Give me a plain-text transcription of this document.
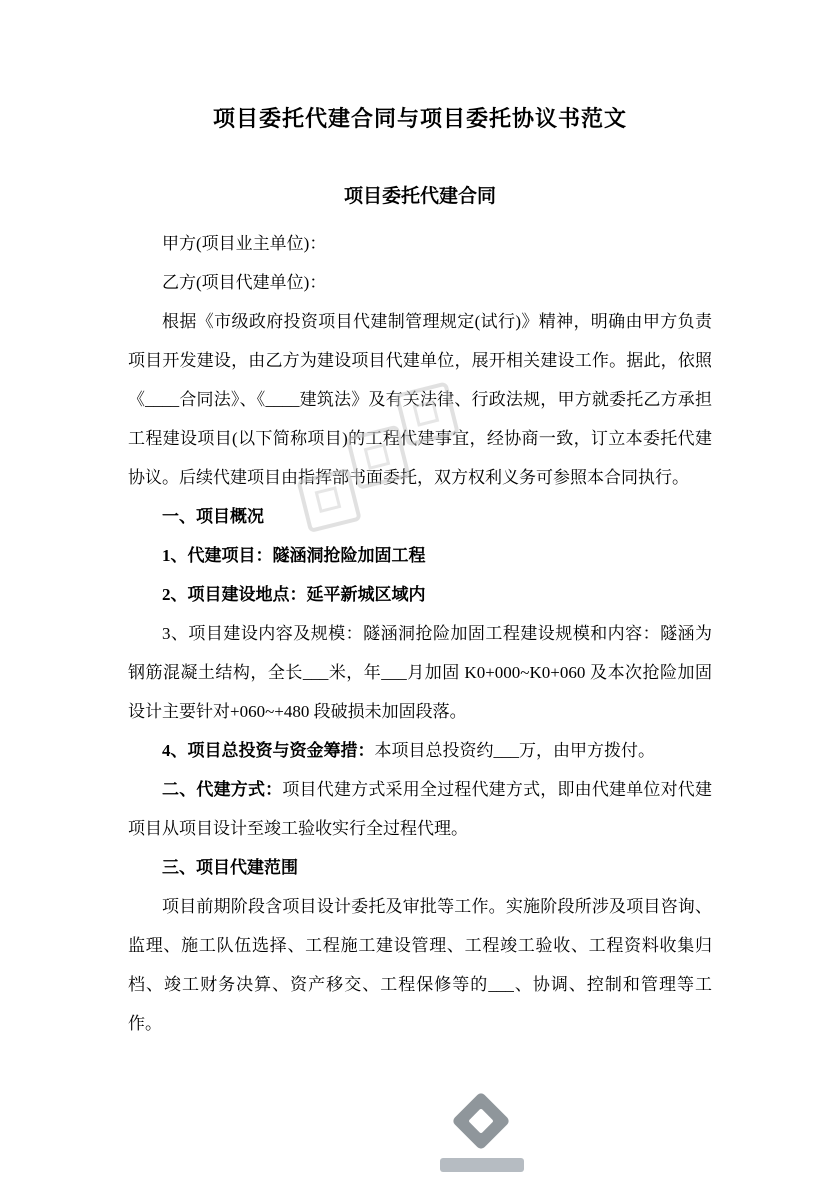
项目委托代建合同与项目委托协议书范文
项目委托代建合同

甲方(项目业主单位)：

乙方(项目代建单位)：

根据《市级政府投资项目代建制管理规定(试行)》精神，明确由甲方负责项目开发建设，由乙方为建设项目代建单位，展开相关建设工作。据此，依照《____合同法》、《____建筑法》及有关法律、行政法规，甲方就委托乙方承担工程建设项目(以下简称项目)的工程代建事宜，经协商一致，订立本委托代建协议。后续代建项目由指挥部书面委托，双方权利义务可参照本合同执行。

一、项目概况

1、代建项目：隧涵洞抢险加固工程

2、项目建设地点：延平新城区域内

3、项目建设内容及规模：隧涵洞抢险加固工程建设规模和内容：隧涵为钢筋混凝土结构，全长___米，年___月加固 K0+000~K0+060 及本次抢险加固设计主要针对+060~+480 段破损未加固段落。

4、项目总投资与资金筹措：本项目总投资约___万，由甲方拨付。

二、代建方式：项目代建方式采用全过程代建方式，即由代建单位对代建项目从项目设计至竣工验收实行全过程代理。

三、项目代建范围

项目前期阶段含项目设计委托及审批等工作。实施阶段所涉及项目咨询、监理、施工队伍选择、工程施工建设管理、工程竣工验收、工程资料收集归档、竣工财务决算、资产移交、工程保修等的___、协调、控制和管理等工作。
